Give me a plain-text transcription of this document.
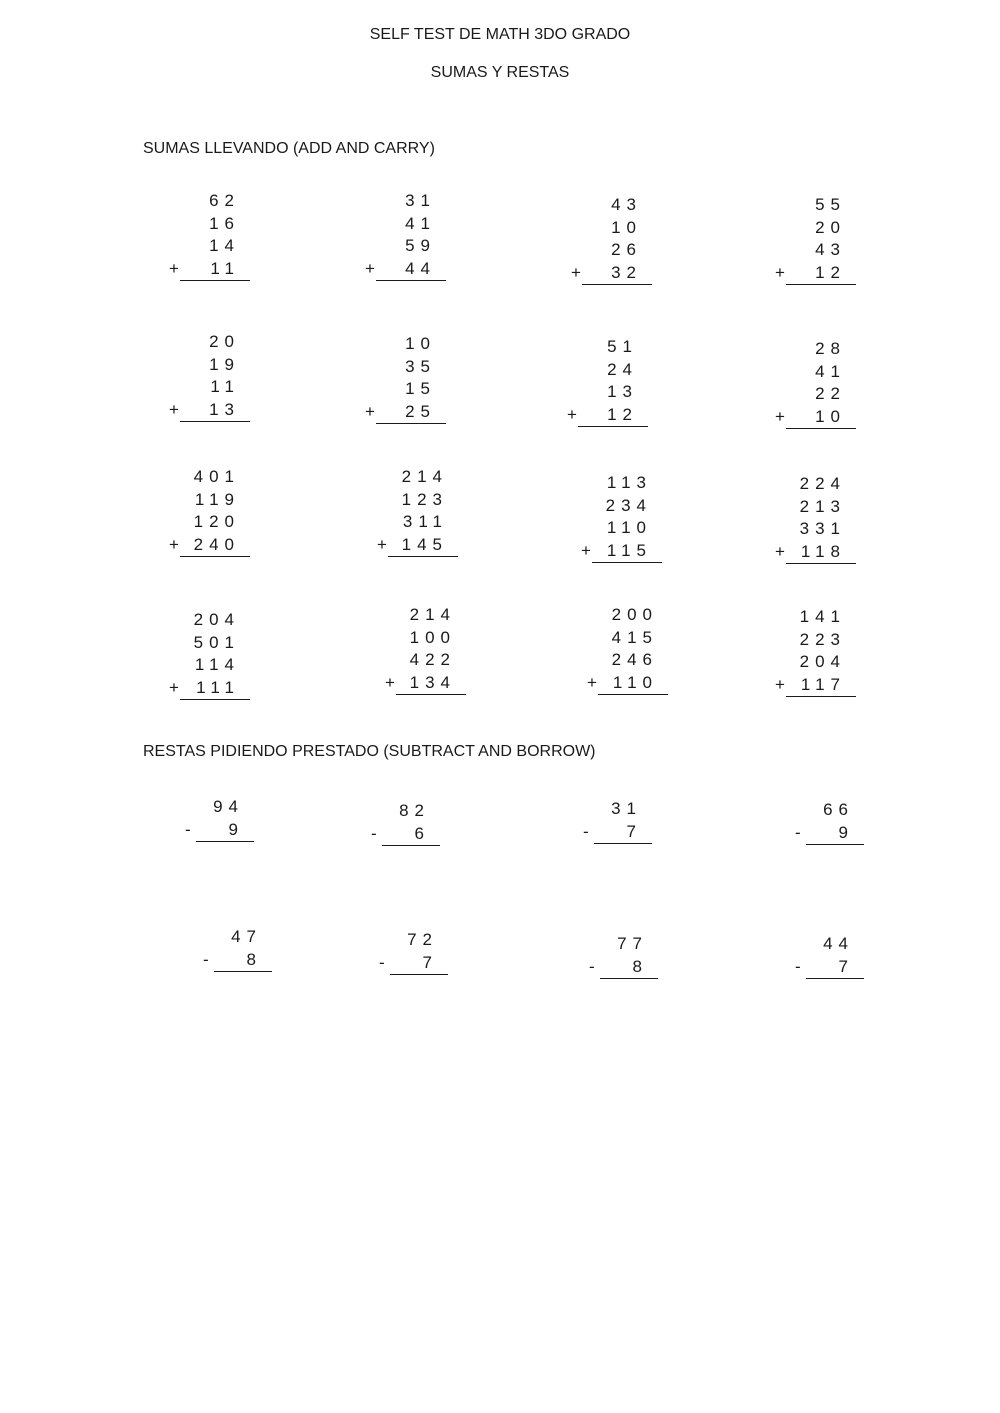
SELF TEST DE MATH 3DO GRADO
SUMAS Y RESTAS
SUMAS LLEVANDO (ADD AND CARRY)
62
16
14
+ 11
31
41
59
+ 44
43
10
26
+ 32
55
20
43
+ 12
20
19
11
+ 13
10
35
15
+ 25
51
24
13
+ 12
28
41
22
+ 10
401
119
120
+ 240
214
123
311
+ 145
113
234
110
+ 115
224
213
331
+ 118
204
501
114
+ 111
214
100
422
+ 134
200
415
246
+ 110
141
223
204
+ 117
RESTAS PIDIENDO PRESTADO (SUBTRACT AND BORROW)
94
- 9
82
- 6
31
- 7
66
- 9
47
- 8
72
- 7
77
- 8
44
- 7
